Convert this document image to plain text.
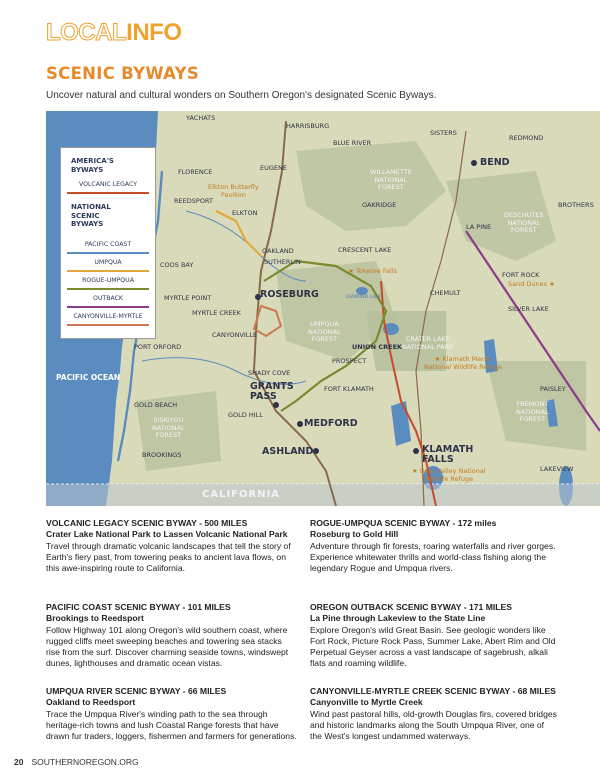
LOCALINFO
SCENIC BYWAYS
Uncover natural and cultural wonders on Southern Oregon's designated Scenic Byways.
AMERICA'S
BYWAYS
VOLCANIC LEGACY
NATIONAL
SCENIC
BYWAYS
PACIFIC COAST
UMPQUA
ROGUE-UMPQUA
OUTBACK
CANYONVILLE-MYRTLE
ROSEBURG
GRANTS
PASS
MEDFORD
ASHLAND	KLAMATH
FALLS
BEND
YACHATS
HARRISBURG
BLUE RIVER
SISTERS
REDMOND
FLORENCE	EUGENE
REEDSPORT
ELKTON
OAKRIDGE	BROTHERS
LA PINE
OAKLAND
SUTHERLIN
CRESCENT LAKE
COOS BAY
FORT ROCK
MYRTLE POINT
MYRTLE CREEK
CHEMULT
SILVER LAKE
CANYONVILLE
UNION CREEK
PORT ORFORD
PROSPECT
SHADY COVE
FORT KLAMATH	PAISLEY
GOLD BEACH
GOLD HILL
BROOKINGS
LAKEVIEW
Elkton Butterfly
Pavilion
★ Toketee Falls
Sand Dunes ★
★ Klamath Marsh
National Wildlife Refuge
★ Bear Valley National
Wildlife Refuge
WILLAMETTE
NATIONAL
FOREST
DESCHUTES
NATIONAL
FOREST
UMPQUA
NATIONAL
FOREST	CRATER LAKE
NATIONAL PARK
FREMONT
NATIONAL
FOREST
SISKIYOU
NATIONAL
FOREST
PACIFIC OCEAN
CALIFORNIA
DIAMOND LAKE
VOLCANIC LEGACY SCENIC BYWAY - 500 MILES
Crater Lake National Park to Lassen Volcanic National Park
Travel through dramatic volcanic landscapes that tell the story of Earth's fiery past, from towering peaks to ancient lava flows, on this awe-inspiring route to California.
PACIFIC COAST SCENIC BYWAY - 101 MILES
Brookings to Reedsport
Follow Highway 101 along Oregon's wild southern coast, where rugged cliffs meet sweeping beaches and towering sea stacks rise from the surf. Discover charming seaside towns, windswept dunes, lighthouses and dramatic ocean vistas.
UMPQUA RIVER SCENIC BYWAY - 66 MILES
Oakland to Reedsport
Trace the Umpqua River's winding path to the sea through heritage-rich towns and lush Coastal Range forests that have drawn fur traders, loggers, fishermen and farmers for generations.
ROGUE-UMPQUA SCENIC BYWAY - 172 miles
Roseburg to Gold Hill
Adventure through fir forests, roaring waterfalls and river gorges. Experience whitewater thrills and world-class fishing along the legendary Rogue and Umpqua rivers.
OREGON OUTBACK SCENIC BYWAY - 171 MILES
La Pine through Lakeview to the State Line
Explore Oregon's wild Great Basin. See geologic wonders like Fort Rock, Picture Rock Pass, Summer Lake, Abert Rim and Old Perpetual Geyser across a vast landscape of sagebrush, alkali flats and roaming wildlife.
CANYONVILLE-MYRTLE CREEK SCENIC BYWAY - 68 MILES
Canyonville to Myrtle Creek
Wind past pastoral hills, old-growth Douglas firs, covered bridges and historic landmarks along the South Umpqua River, one of the West's longest undammed waterways.
20 SOUTHERNOREGON.ORG
